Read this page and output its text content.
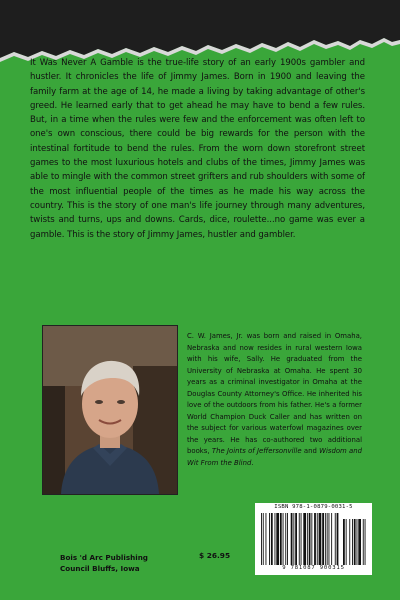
It Was Never A Gamble is the true-life story of an early 1900s gambler and hustler. It chronicles the life of Jimmy James. Born in 1900 and leaving the family farm at the age of 14, he made a living by taking advantage of other's greed. He learned early that to get ahead he may have to bend a few rules. But, in a time when the rules were few and the enforcement was often left to one's own conscious, there could be big rewards for the person with the intestinal fortitude to bend the rules. From the worn down storefront street games to the most luxurious hotels and clubs of the times, Jimmy James was able to mingle with the common street grifters and rub shoulders with some of the most influential people of the times as he made his way across the country. This is the story of one man's life journey through many adventures, twists and turns, ups and downs. Cards, dice, roulette...no game was ever a gamble. This is the story of Jimmy James, hustler and gambler.
C. W. James, Jr. was born and raised in Omaha, Nebraska and now resides in rural western Iowa with his wife, Sally. He graduated from the University of Nebraska at Omaha. He spent 30 years as a criminal investigator in Omaha at the Douglas County Attorney's Office. He inherited his love of the outdoors from his father. He's a former World Champion Duck Caller and has written on the subject for various waterfowl magazines over the years. He has co-authored two additional books, The Joints of Jeffersonville and Wisdom and Wit From the Blind.
Bois 'd Arc Publishing
Council Bluffs, Iowa
$ 26.95
ISBN 978-1-0879-0031-5
9 781087 900315
